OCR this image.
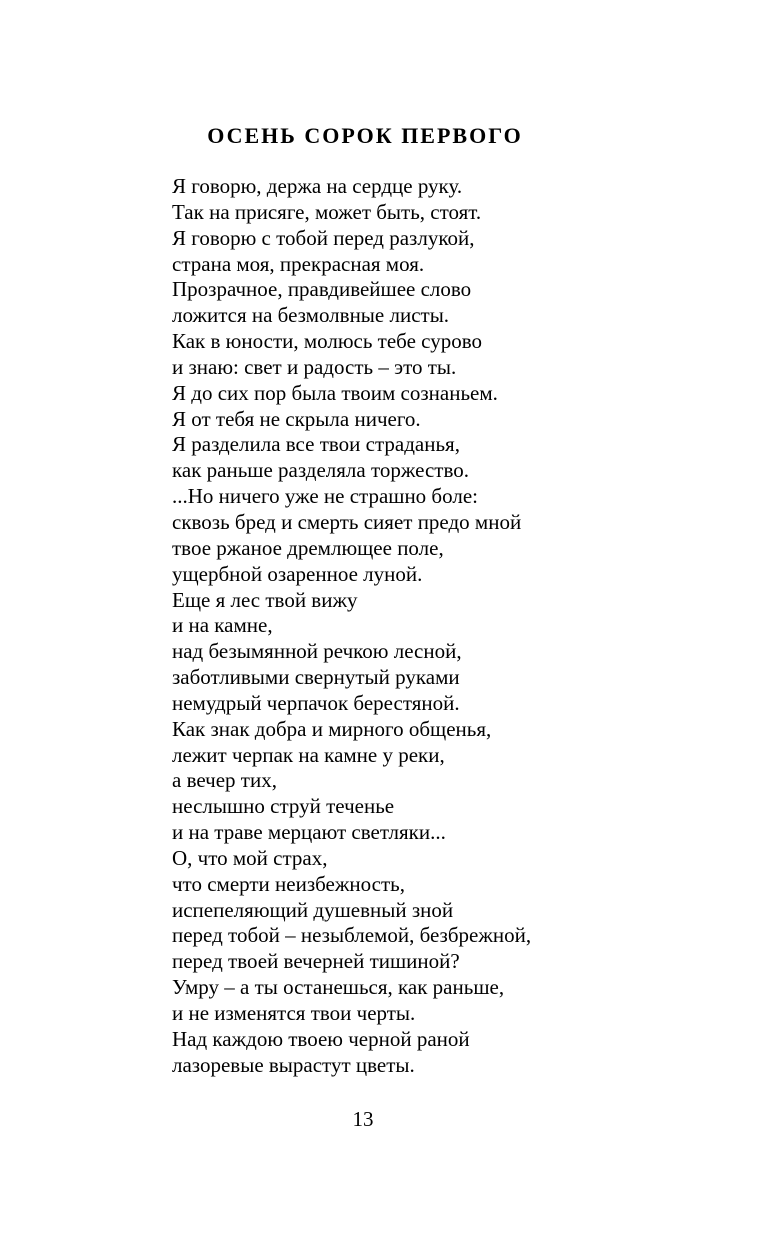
ОСЕНЬ СОРОК ПЕРВОГО
Я говорю, держа на сердце руку.
Так на присяге, может быть, стоят.
Я говорю с тобой перед разлукой,
страна моя, прекрасная моя.
Прозрачное, правдивейшее слово
ложится на безмолвные листы.
Как в юности, молюсь тебе сурово
и знаю: свет и радость – это ты.
Я до сих пор была твоим сознаньем.
Я от тебя не скрыла ничего.
Я разделила все твои страданья,
как раньше разделяла торжество.
...Но ничего уже не страшно боле:
сквозь бред и смерть сияет предо мной
твое ржаное дремлющее поле,
ущербной озаренное луной.
Еще я лес твой вижу
и на камне,
над безымянной речкою лесной,
заботливыми свернутый руками
немудрый черпачок берестяной.
Как знак добра и мирного общенья,
лежит черпак на камне у реки,
а вечер тих,
неслышно струй теченье
и на траве мерцают светляки...
О, что мой страх,
что смерти неизбежность,
испепеляющий душевный зной
перед тобой – незыблемой, безбрежной,
перед твоей вечерней тишиной?
Умру – а ты останешься, как раньше,
и не изменятся твои черты.
Над каждою твоею черной раной
лазоревые вырастут цветы.
13
